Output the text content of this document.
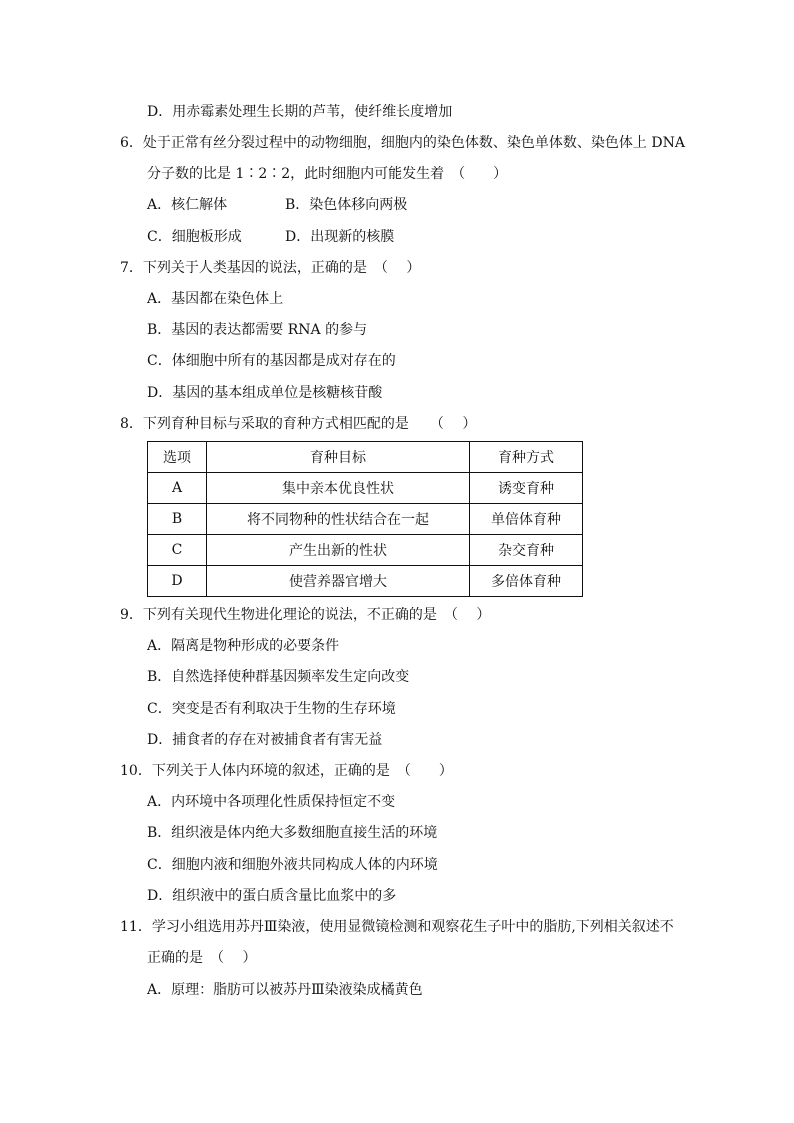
D．用赤霉素处理生长期的芦苇，使纤维长度增加
6．处于正常有丝分裂过程中的动物细胞，细胞内的染色体数、染色单体数、染色体上 DNA
分子数的比是 1∶2∶2，此时细胞内可能发生着　（　　）
A．核仁解体	B．染色体移向两极
C．细胞板形成	D．出现新的核膜
7．下列关于人类基因的说法，正确的是　（　 ）
A．基因都在染色体上
B．基因的表达都需要 RNA 的参与
C．体细胞中所有的基因都是成对存在的
D．基因的基本组成单位是核糖核苷酸
8．下列育种目标与采取的育种方式相匹配的是　　（　 ）
选项	育种目标	育种方式
A	集中亲本优良性状	诱变育种
B	将不同物种的性状结合在一起	单倍体育种
C	产生出新的性状	杂交育种
D	使营养器官增大	多倍体育种
9．下列有关现代生物进化理论的说法，不正确的是　（　 ）
A．隔离是物种形成的必要条件
B．自然选择使种群基因频率发生定向改变
C．突变是否有利取决于生物的生存环境
D．捕食者的存在对被捕食者有害无益
10．下列关于人体内环境的叙述，正确的是　（　　）
A．内环境中各项理化性质保持恒定不变
B．组织液是体内绝大多数细胞直接生活的环境
C．细胞内液和细胞外液共同构成人体的内环境
D．组织液中的蛋白质含量比血浆中的多
11．学习小组选用苏丹Ⅲ染液，使用显微镜检测和观察花生子叶中的脂肪,下列相关叙述不
正确的是　（　 ）
A．原理：脂肪可以被苏丹Ⅲ染液染成橘黄色
